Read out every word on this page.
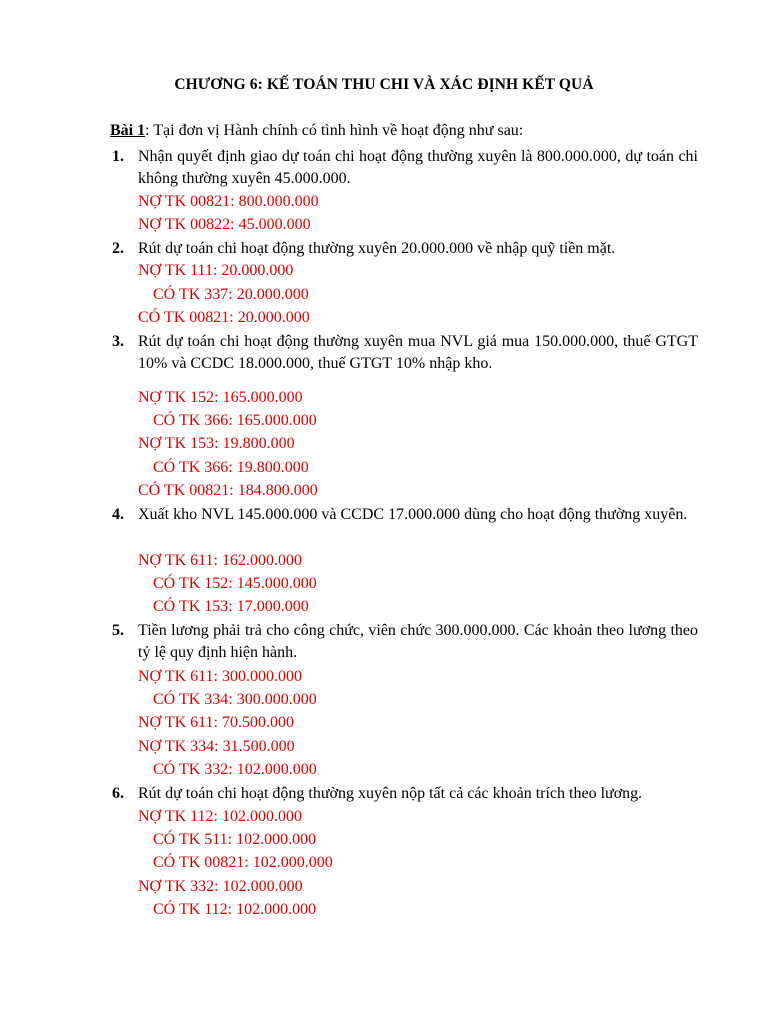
CHƯƠNG 6: KẾ TOÁN THU CHI VÀ XÁC ĐỊNH KẾT QUẢ
Bài 1: Tại đơn vị Hành chính có tình hình về hoạt động như sau:
1. Nhận quyết định giao dự toán chi hoạt động thường xuyên là 800.000.000, dự toán chi không thường xuyên 45.000.000.
NỢ TK 00821: 800.000.000
NỢ TK 00822: 45.000.000
2. Rút dự toán chi hoạt động thường xuyên 20.000.000 về nhập quỹ tiền mặt.
NỢ TK 111: 20.000.000
CÓ TK 337: 20.000.000
CÓ TK 00821: 20.000.000
3. Rút dự toán chi hoạt động thường xuyên mua NVL giá mua 150.000.000, thuế GTGT 10% và CCDC 18.000.000, thuế GTGT 10% nhập kho.
NỢ TK 152: 165.000.000
CÓ TK 366: 165.000.000
NỢ TK 153: 19.800.000
CÓ TK 366: 19.800.000
CÓ TK 00821: 184.800.000
4. Xuất kho NVL 145.000.000 và CCDC 17.000.000 dùng cho hoạt động thường xuyên.
NỢ TK 611: 162.000.000
CÓ TK 152: 145.000.000
CÓ TK 153: 17.000.000
5. Tiền lương phải trả cho công chức, viên chức 300.000.000. Các khoản theo lương theo tỷ lệ quy định hiện hành.
NỢ TK 611: 300.000.000
CÓ TK 334: 300.000.000
NỢ TK 611: 70.500.000
NỢ TK 334: 31.500.000
CÓ TK 332: 102.000.000
6. Rút dự toán chi hoạt động thường xuyên nộp tất cả các khoản trích theo lương.
NỢ TK 112: 102.000.000
CÓ TK 511: 102.000.000
CÓ TK 00821: 102.000.000
NỢ TK 332: 102.000.000
CÓ TK 112: 102.000.000
